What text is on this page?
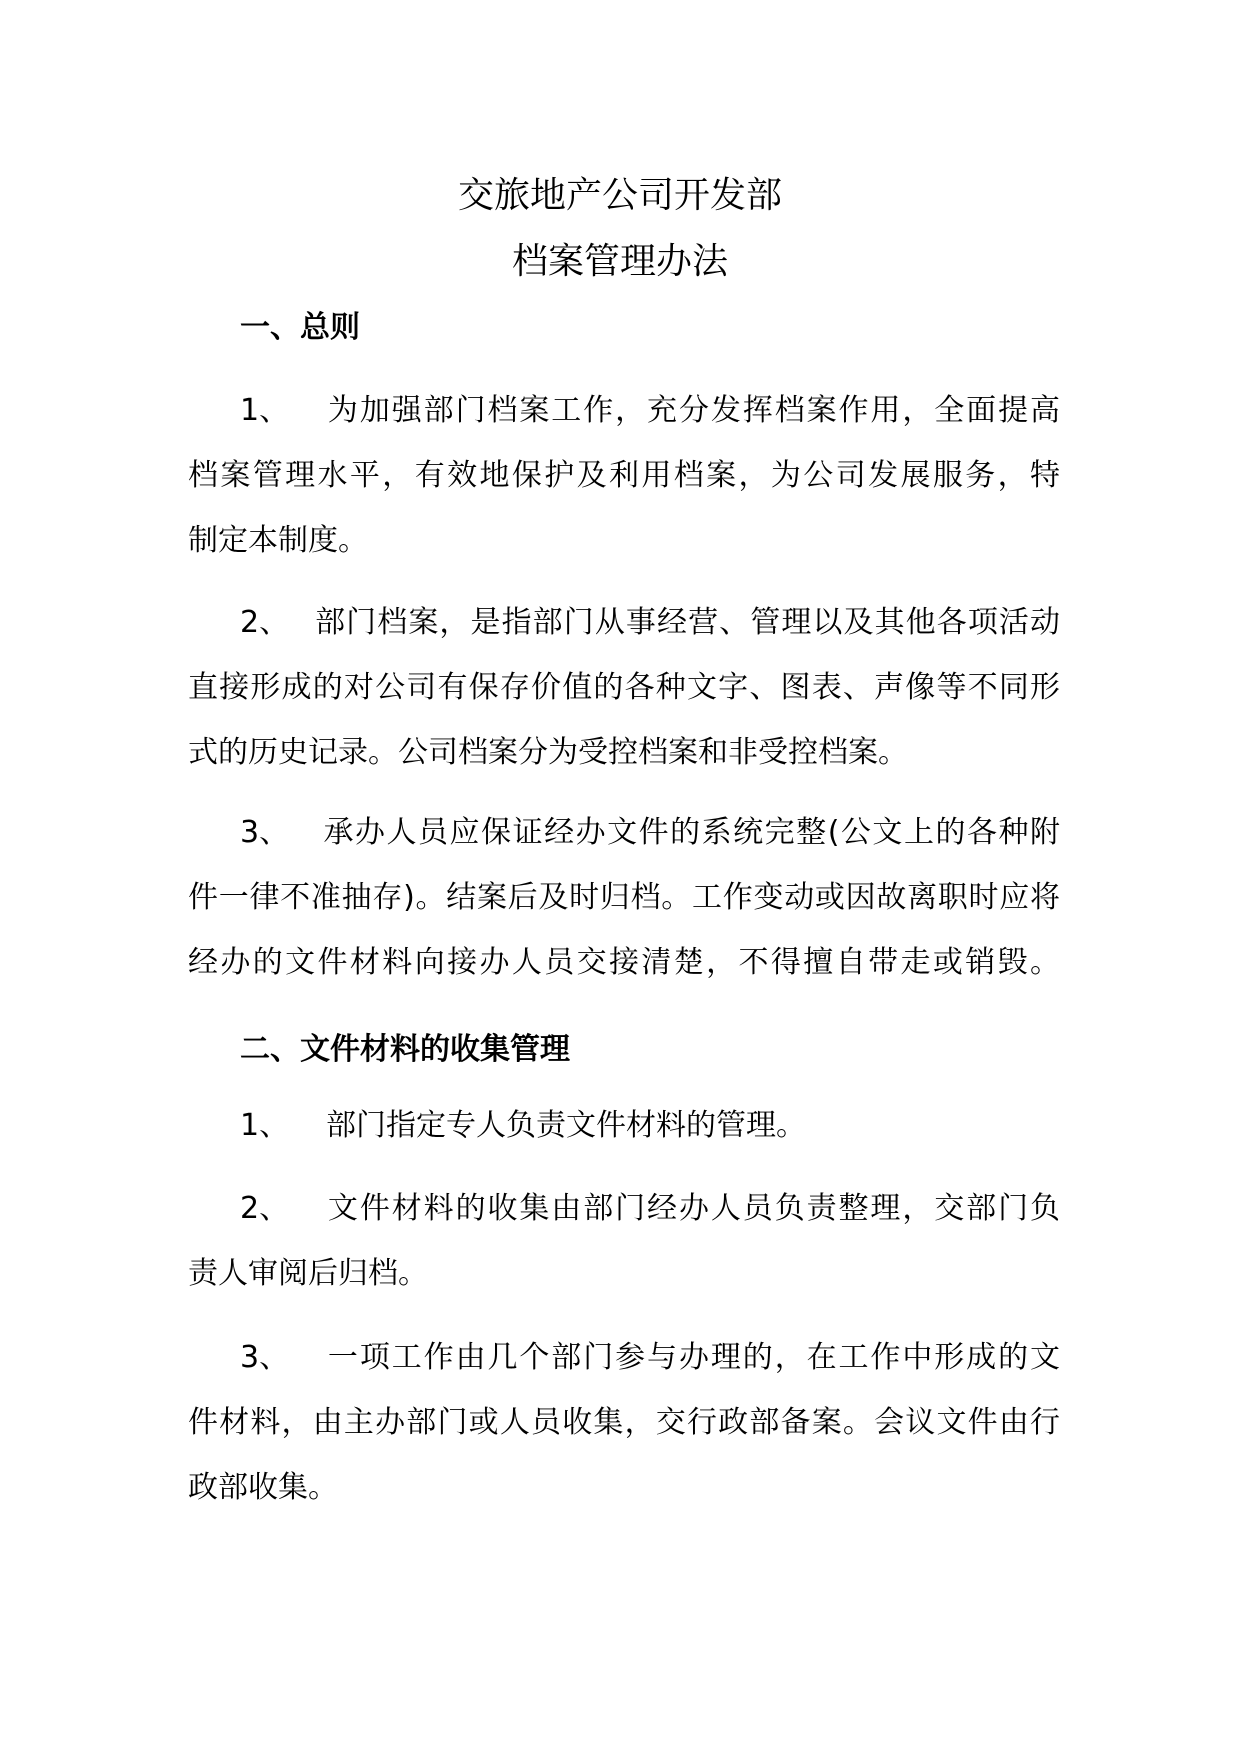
交旅地产公司开发部
档案管理办法
一、总则
1、 为加强部门档案工作，充分发挥档案作用，全面提高
档案管理水平，有效地保护及利用档案，为公司发展服务，特
制定本制度。
2、 部门档案，是指部门从事经营、管理以及其他各项活动
直接形成的对公司有保存价值的各种文字、图表、声像等不同形
式的历史记录。公司档案分为受控档案和非受控档案。
3、 承办人员应保证经办文件的系统完整(公文上的各种附
件一律不准抽存)。结案后及时归档。工作变动或因故离职时应将
经办的文件材料向接办人员交接清楚，不得擅自带走或销毁。
二、文件材料的收集管理
1、 部门指定专人负责文件材料的管理。
2、 文件材料的收集由部门经办人员负责整理，交部门负
责人审阅后归档。
3、 一项工作由几个部门参与办理的，在工作中形成的文
件材料，由主办部门或人员收集，交行政部备案。会议文件由行
政部收集。
